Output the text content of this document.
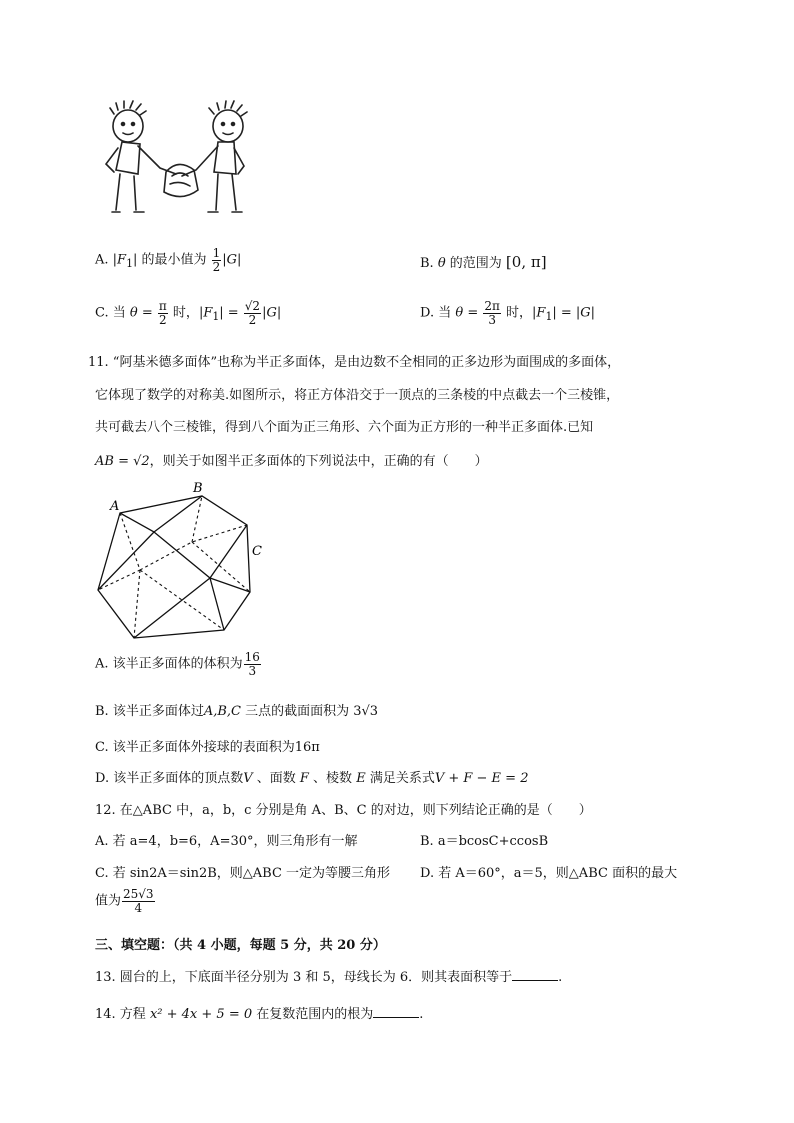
A. $|F_1|$ 的最小值为 $\frac{1}{2} |G|$	B. θ 的范围为 [0, π]
C. 当 $\theta = \frac{\pi}{2}$ 时，$|F_1| = \frac{√2}{2} |G|$	D. 当 $\theta = \frac{2\pi}{3}$ 时，$|F_1| = |G|$
11. “阿基米德多面体”也称为半正多面体，是由边数不全相同的正多边形为面围成的多面体，
它体现了数学的对称美.如图所示，将正方体沿交于一顶点的三条棱的中点截去一个三棱锥，
共可截去八个三棱锥，得到八个面为正三角形、六个面为正方形的一种半正多面体.已知
AB = √2，则关于如图半正多面体的下列说法中，正确的有（　　）
A
B
C
A. 该半正多面体的体积为 $\frac{16}{3}$
B. 该半正多面体过A,B,C 三点的截面面积为 3√3
C. 该半正多面体外接球的表面积为16π
D. 该半正多面体的顶点数V 、面数 F 、棱数 E 满足关系式V + F − E = 2
12. 在△ABC 中，a，b，c 分别是角 A、B、C 的对边，则下列结论正确的是（　　）
A. 若 a=4，b=6，A=30°，则三角形有一解	B. a＝bcosC+ccosB
C. 若 sin2A＝sin2B，则△ABC 一定为等腰三角形 D. 若 A＝60°，a＝5，则△ABC 面积的最大
值为 $\frac{25√3}{4}$
三、填空题：（共 4 小题，每题 5 分，共 20 分）
13. 圆台的上，下底面半径分别为 3 和 5，母线长为 6．则其表面积等于	.
14. 方程 x² + 4x + 5 = 0 在复数范围内的根为	.
